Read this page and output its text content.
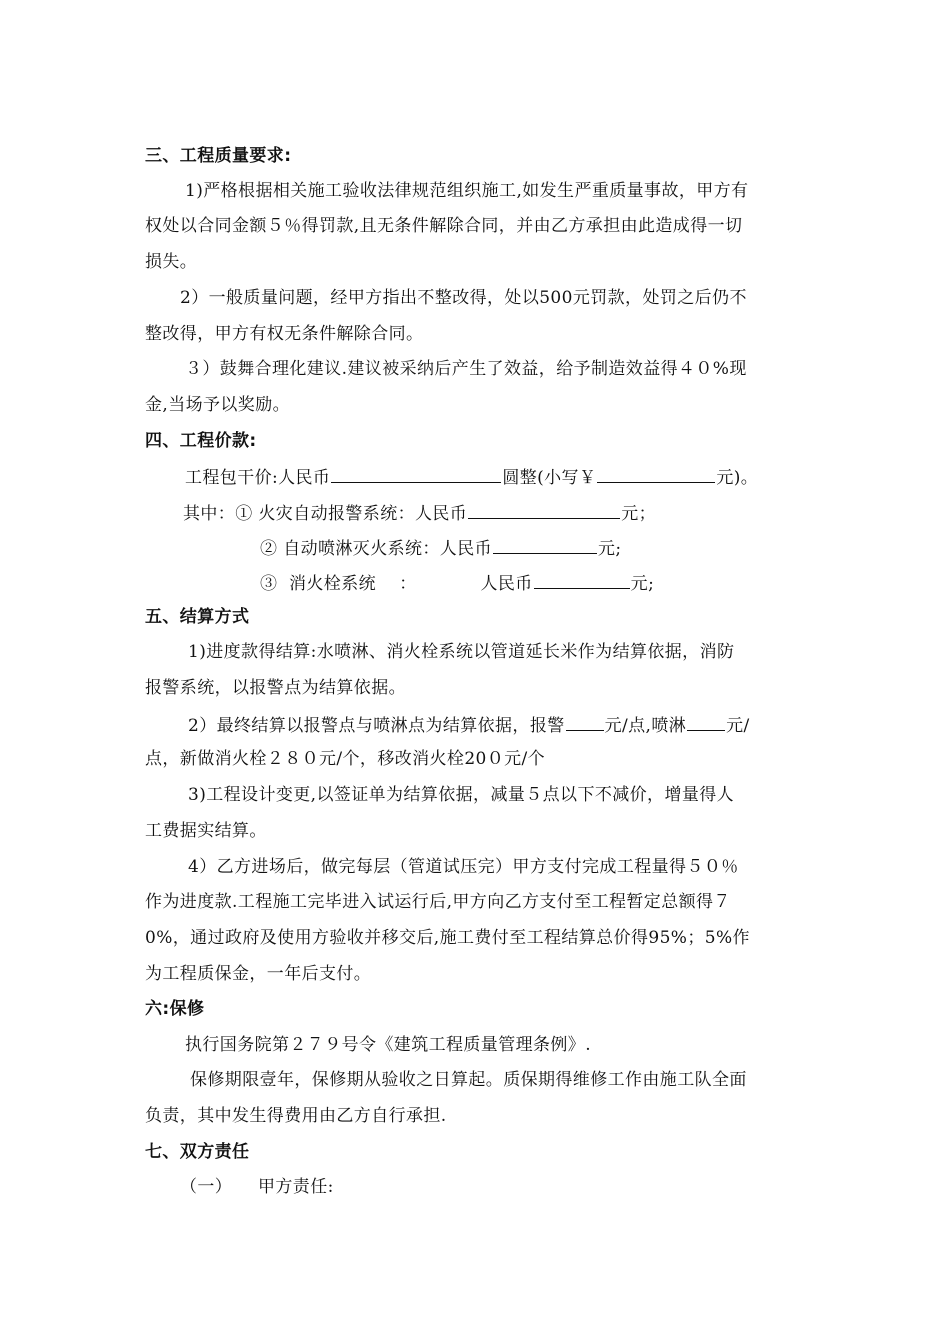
三、工程质量要求:
1)严格根据相关施工验收法律规范组织施工,如发生严重质量事故，甲方有
权处以合同金额５％得罚款,且无条件解除合同，并由乙方承担由此造成得一切
损失。
2）一般质量问题，经甲方指出不整改得，处以500元罚款，处罚之后仍不
整改得，甲方有权无条件解除合同。
３）鼓舞合理化建议.建议被采纳后产生了效益，给予制造效益得４０%现
金,当场予以奖励。
四、工程价款:
工程包干价:人民币	圆整(小写￥	元)。
其中：① 火灾自动报警系统：人民币	元；
② 自动喷淋灭火系统：人民币	元;
③  消火栓系统    ：           人民币	元;
五、结算方式
1)进度款得结算:水喷淋、消火栓系统以管道延长米作为结算依据，消防
报警系统，以报警点为结算依据。
2）最终结算以报警点与喷淋点为结算依据，报警 元/点,喷淋 元/
点，新做消火栓２８０元/个，移改消火栓20０元/个
3)工程设计变更,以签证单为结算依据，减量５点以下不减价，增量得人
工费据实结算。
4）乙方进场后，做完每层（管道试压完）甲方支付完成工程量得５０％
作为进度款.工程施工完毕进入试运行后,甲方向乙方支付至工程暂定总额得７
0%，通过政府及使用方验收并移交后,施工费付至工程结算总价得95%；5%作
为工程质保金，一年后支付。
六:保修
执行国务院第２７９号令《建筑工程质量管理条例》.
保修期限壹年，保修期从验收之日算起。质保期得维修工作由施工队全面
负责，其中发生得费用由乙方自行承担.
七、双方责任
（一） 甲方责任:
